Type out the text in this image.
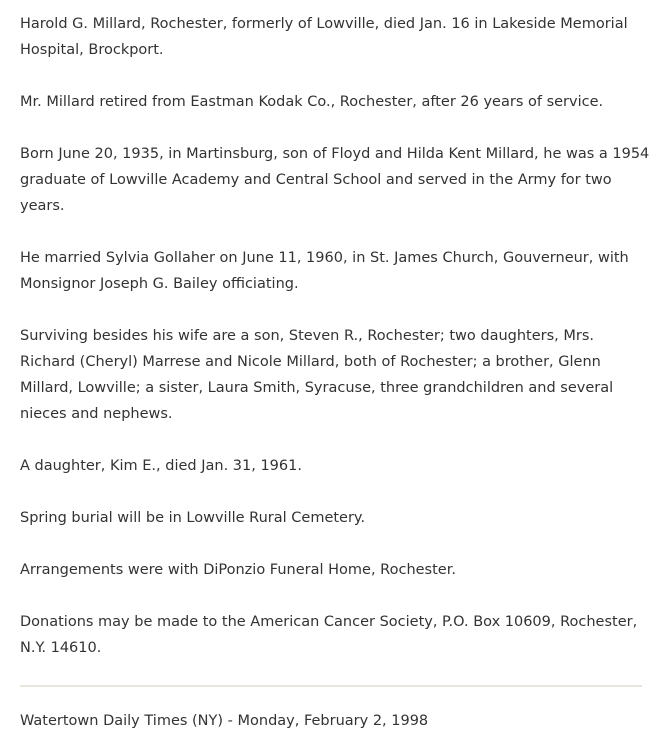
Harold G. Millard, Rochester, formerly of Lowville, died Jan. 16 in Lakeside Memorial Hospital, Brockport.

Mr. Millard retired from Eastman Kodak Co., Rochester, after 26 years of service.

Born June 20, 1935, in Martinsburg, son of Floyd and Hilda Kent Millard, he was a 1954 graduate of Lowville Academy and Central School and served in the Army for two years.

He married Sylvia Gollaher on June 11, 1960, in St. James Church, Gouverneur, with Monsignor Joseph G. Bailey officiating.

Surviving besides his wife are a son, Steven R., Rochester; two daughters, Mrs. Richard (Cheryl) Marrese and Nicole Millard, both of Rochester; a brother, Glenn Millard, Lowville; a sister, Laura Smith, Syracuse, three grandchildren and several nieces and nephews.

A daughter, Kim E., died Jan. 31, 1961.

Spring burial will be in Lowville Rural Cemetery.

Arrangements were with DiPonzio Funeral Home, Rochester.

Donations may be made to the American Cancer Society, P.O. Box 10609, Rochester, N.Y. 14610.

Watertown Daily Times (NY) - Monday, February 2, 1998
